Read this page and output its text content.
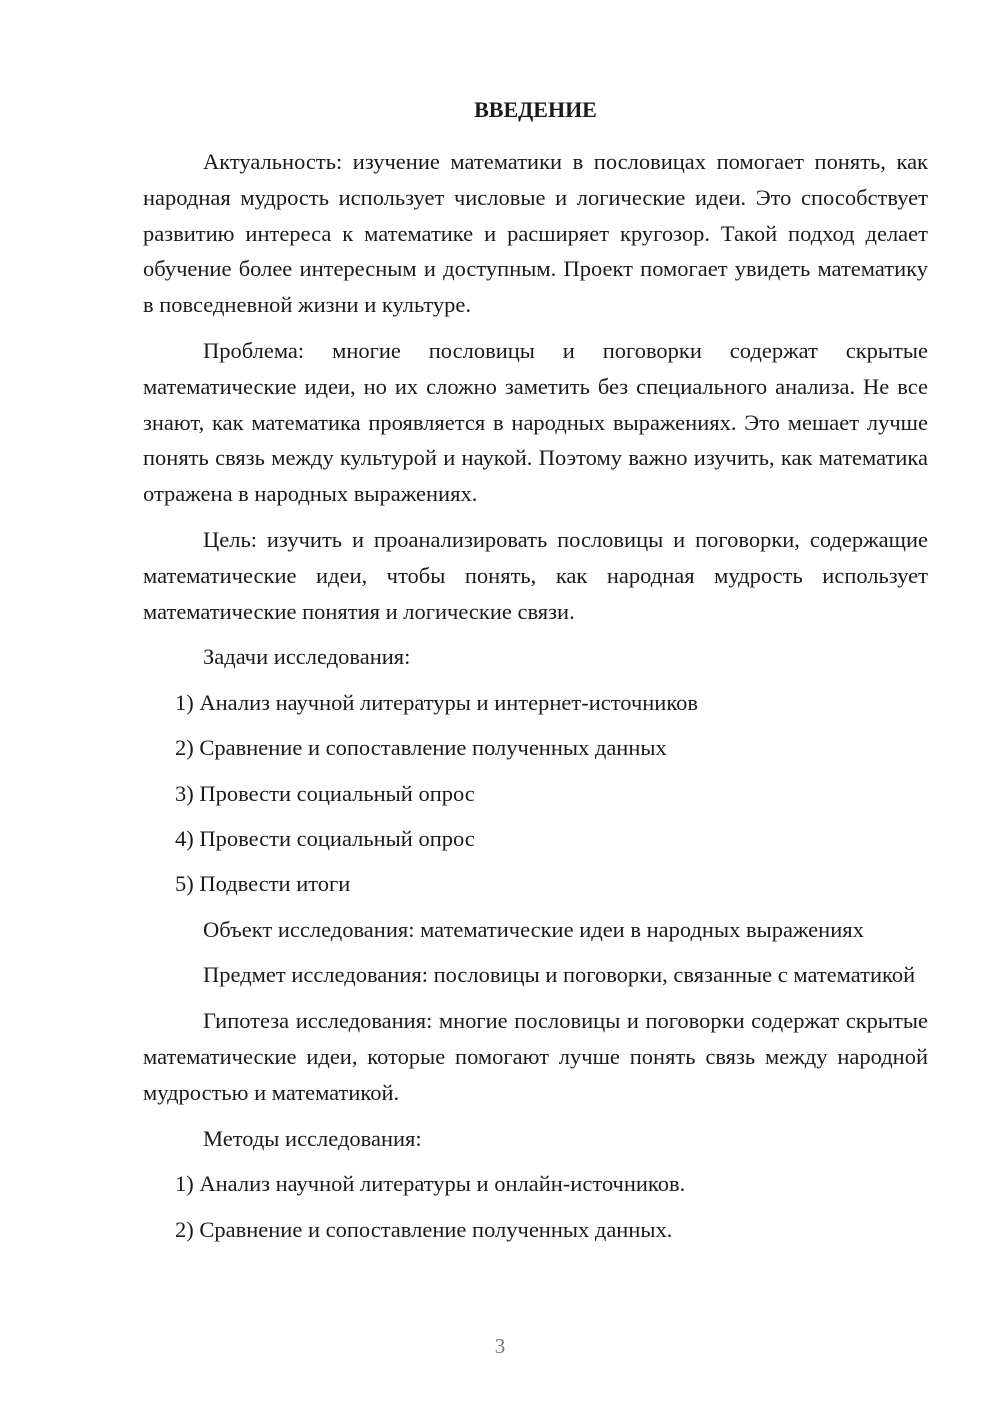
ВВЕДЕНИЕ

Актуальность: изучение математики в пословицах помогает понять, как народная мудрость использует числовые и логические идеи. Это способствует развитию интереса к математике и расширяет кругозор. Такой подход делает обучение более интересным и доступным. Проект помогает увидеть математику в повседневной жизни и культуре.

Проблема: многие пословицы и поговорки содержат скрытые математические идеи, но их сложно заметить без специального анализа. Не все знают, как математика проявляется в народных выражениях. Это мешает лучше понять связь между культурой и наукой. Поэтому важно изучить, как математика отражена в народных выражениях.

Цель: изучить и проанализировать пословицы и поговорки, содержащие математические идеи, чтобы понять, как народная мудрость использует математические понятия и логические связи.

Задачи исследования:
1) Анализ научной литературы и интернет-источников
2) Сравнение и сопоставление полученных данных
3) Провести социальный опрос
4) Провести социальный опрос
5) Подвести итоги

Объект исследования: математические идеи в народных выражениях

Предмет исследования: пословицы и поговорки, связанные с математикой

Гипотеза исследования: многие пословицы и поговорки содержат скрытые математические идеи, которые помогают лучше понять связь между народной мудростью и математикой.

Методы исследования:
1) Анализ научной литературы и онлайн-источников.
2) Сравнение и сопоставление полученных данных.
3
